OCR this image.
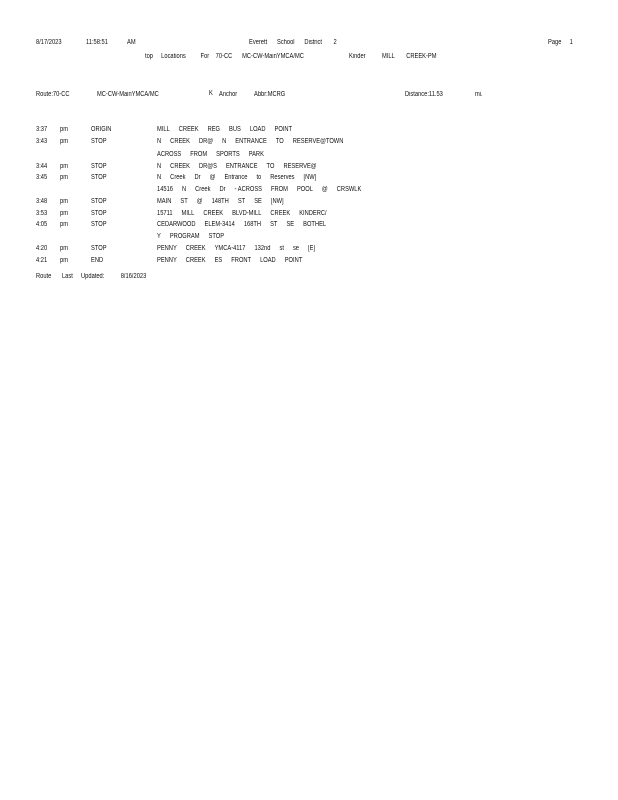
8/17/2023	11:58:51	AM	Everett School District 2	Page 1
top Locations For 70-CC MC-CW-MainYMCA/MC	Kinder MILL CREEK-PM
Route:70-CC	MC-CW-MainYMCA/MC	K Anchor Abbr:MCRG	Distance:11.53	mi.
3:37 pm	ORIGIN	MILL CREEK REG BUS LOAD POINT
3:43 pm	STOP	N CREEK DR@ N ENTRANCE TO RESERVE@TOWN
ACROSS FROM SPORTS PARK
3:44 pm	STOP	N CREEK DR@S ENTRANCE TO RESERVE@
3:45 pm	STOP	N Creek Dr @ Entrance to Reserves [NW]
14516 N Creek Dr - ACROSS FROM POOL @ CRSWLK
3:48 pm	STOP	MAIN ST @ 148TH ST SE [NW]
3:53 pm	STOP	15711 MILL CREEK BLVD-MILL CREEK KINDERC/
4:05 pm	STOP	CEDARWOOD ELEM-3414 168TH ST SE BOTHEL
Y PROGRAM STOP
4:20 pm	STOP	PENNY CREEK YMCA-4117 132nd st se [E]
4:21 pm	END	PENNY CREEK ES FRONT LOAD POINT
Route Last Updated: 8/16/2023
